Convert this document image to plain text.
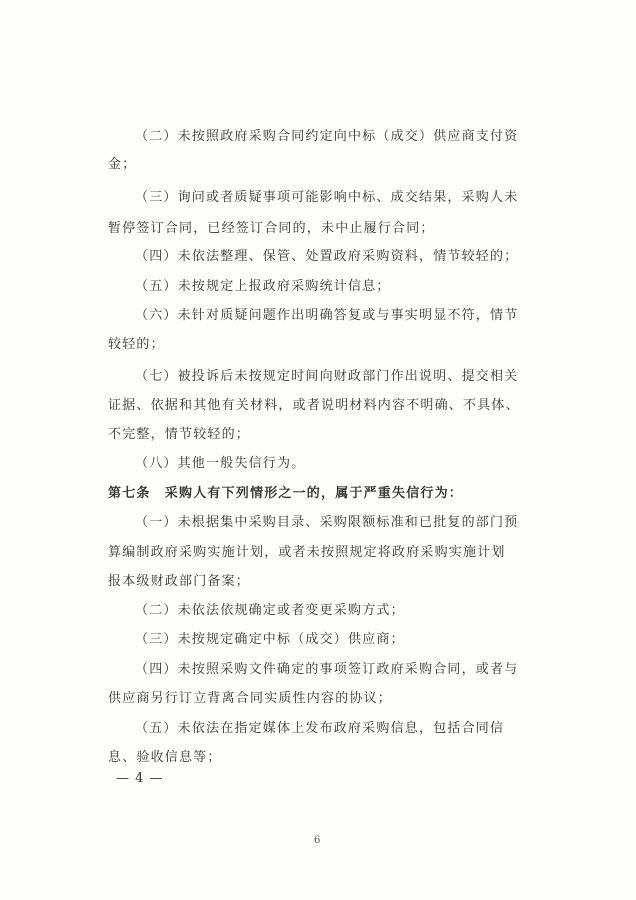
（二）未按照政府采购合同约定向中标（成交）供应商支付资

金；

（三）询问或者质疑事项可能影响中标、成交结果，采购人未

暂停签订合同，已经签订合同的，未中止履行合同；

（四）未依法整理、保管、处置政府采购资料，情节较轻的；

（五）未按规定上报政府采购统计信息；

（六）未针对质疑问题作出明确答复或与事实明显不符，情节

较轻的；

（七）被投诉后未按规定时间向财政部门作出说明、提交相关

证据、依据和其他有关材料，或者说明材料内容不明确、不具体、

不完整，情节较轻的；

（八）其他一般失信行为。

第七条　采购人有下列情形之一的，属于严重失信行为：

（一）未根据集中采购目录、采购限额标准和已批复的部门预

算编制政府采购实施计划，或者未按照规定将政府采购实施计划

报本级财政部门备案；

（二）未依法依规确定或者变更采购方式；

（三）未按规定确定中标（成交）供应商；

（四）未按照采购文件确定的事项签订政府采购合同，或者与

供应商另行订立背离合同实质性内容的协议；

（五）未依法在指定媒体上发布政府采购信息，包括合同信

息、验收信息等；

— 4 —
6
